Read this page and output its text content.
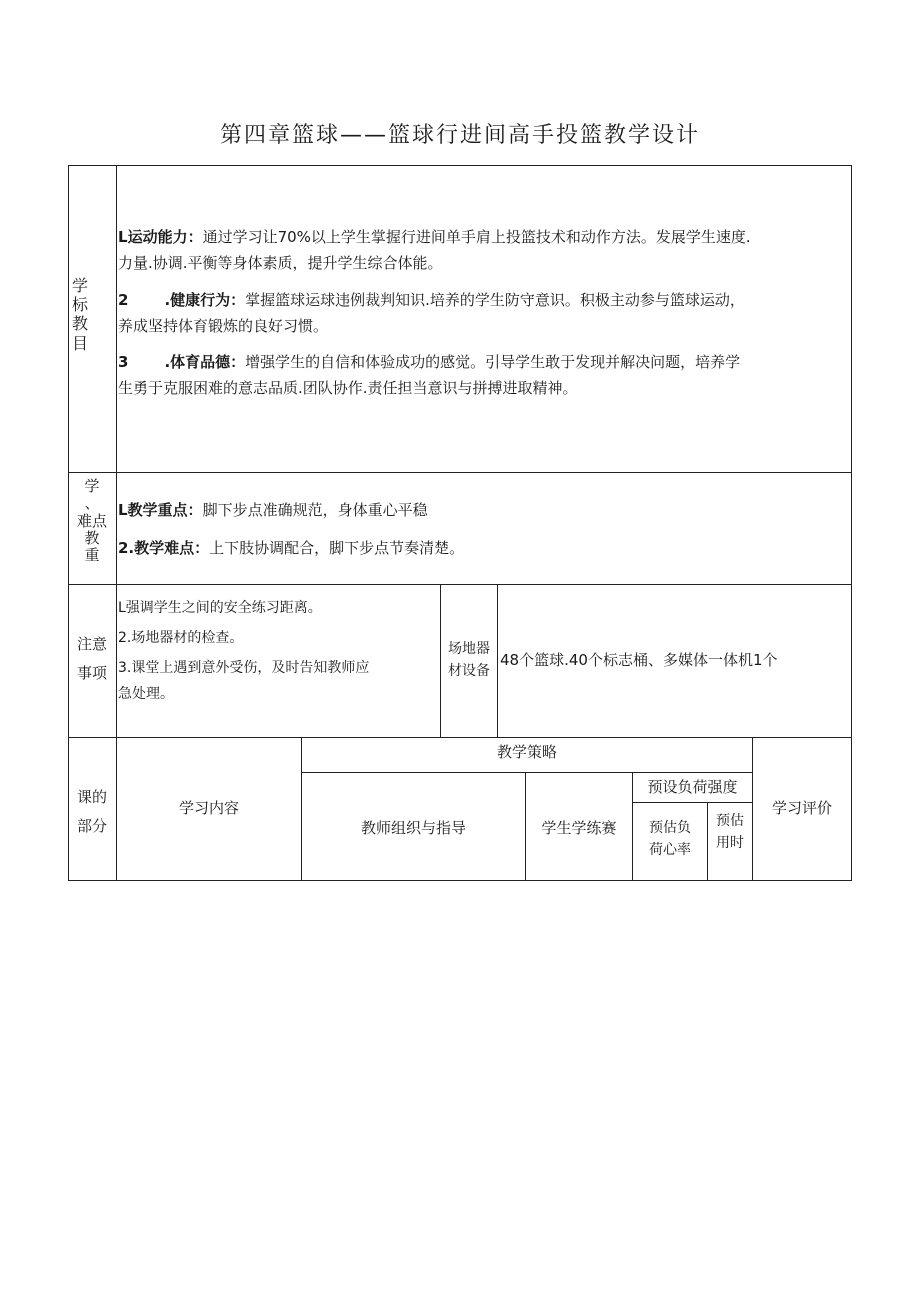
第四章篮球——篮球行进间高手投篮教学设计
学
标
教
目

L运动能力：通过学习让70%以上学生掌握行进间单手肩上投篮技术和动作方法。发展学生速度.
力量.协调.平衡等身体素质，提升学生综合体能。

2 .健康行为：掌握篮球运球违例裁判知识.培养的学生防守意识。积极主动参与篮球运动，
养成坚持体育锻炼的良好习惯。

3 .体育品德：增强学生的自信和体验成功的感觉。引导学生敢于发现并解决问题，培养学
生勇于克服困难的意志品质.团队协作.责任担当意识与拼搏进取精神。

学
、
难点
教
重

L教学重点：脚下步点准确规范，身体重心平稳

2.教学难点：上下肢协调配合，脚下步点节奏清楚。

注意
事项
L强调学生之间的安全练习距离。
2.场地器材的检查。
3.课堂上遇到意外受伤，及时告知教师应
急处理。
场地器
材设备
48个篮球.40个标志桶、多媒体一体机1个
课的
部分
学习内容
教学策略
教师组织与指导	学生学练赛
预设负荷强度
预估负
荷心率
预估
用时
学习评价
